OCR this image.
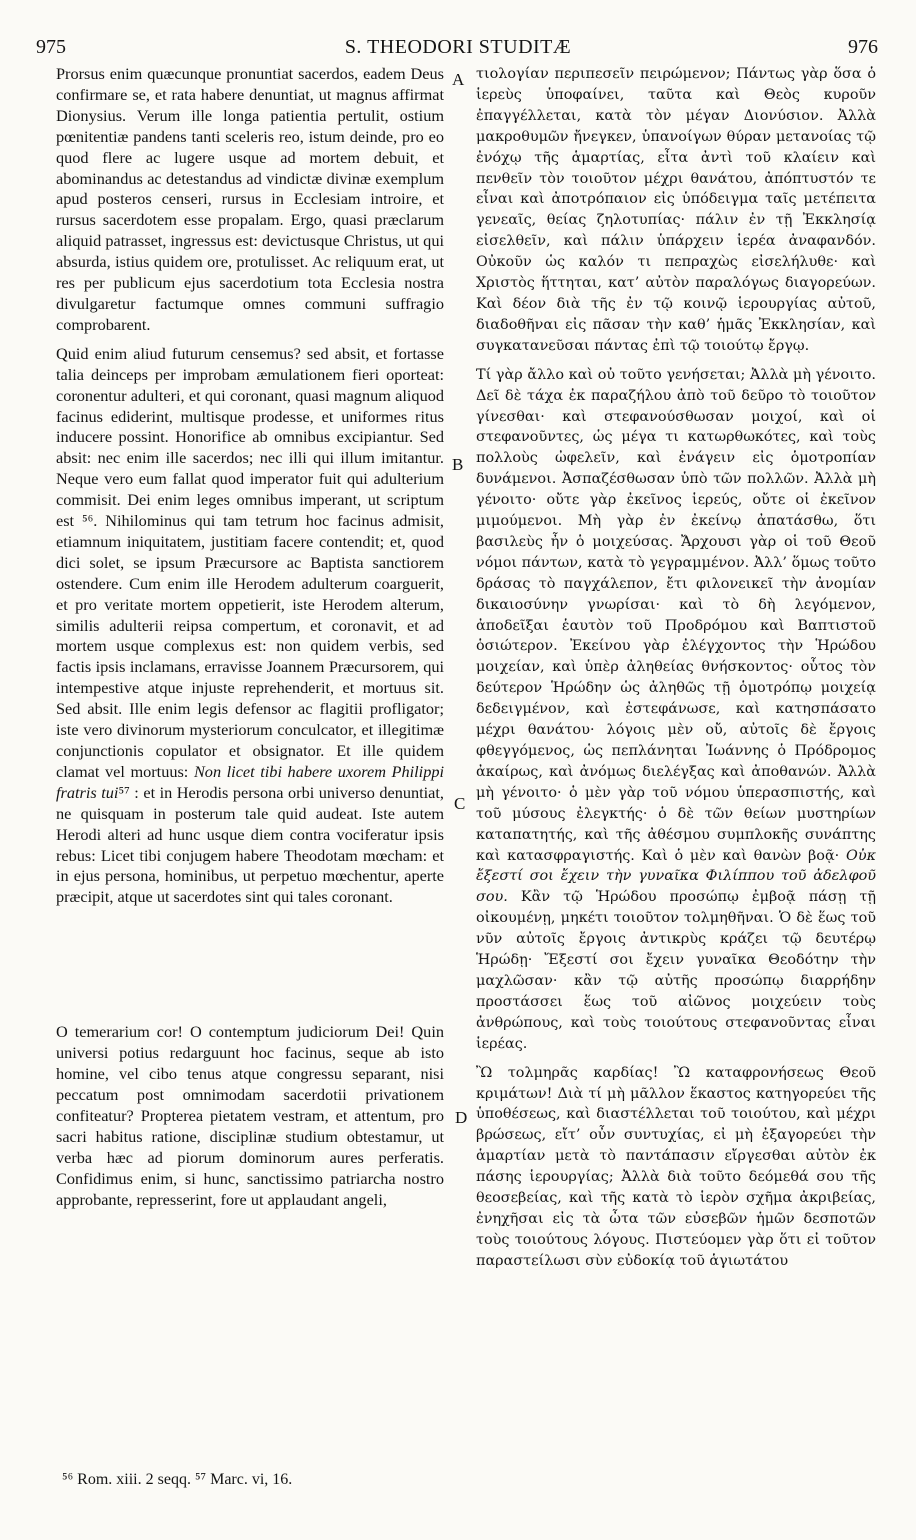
975	S. THEODORI STUDITÆ	976
A
B
C
D

Prorsus enim quæcunque pronuntiat sacerdos, eadem Deus confirmare se, et rata habere denuntiat, ut magnus affirmat Dionysius. Verum ille longa patientia pertulit, ostium pœnitentiæ pandens tanti sceleris reo, istum deinde, pro eo quod flere ac lugere usque ad mortem debuit, et abominandus ac detestandus ad vindictæ divinæ exemplum apud posteros censeri, rursus in Ecclesiam introire, et rursus sacerdotem esse propalam. Ergo, quasi præclarum aliquid patrasset, ingressus est: devictusque Christus, ut qui absurda, istius quidem ore, protulisset. Ac reliquum erat, ut res per publicum ejus sacerdotium tota Ecclesia nostra divulgaretur factumque omnes communi suffragio comprobarent.

Quid enim aliud futurum censemus? sed absit, et fortasse talia deinceps per improbam æmulationem fieri oporteat: coronentur adulteri, et qui coronant, quasi magnum aliquod facinus ediderint, multisque prodesse, et uniformes ritus inducere possint. Honorifice ab omnibus excipiantur. Sed absit: nec enim ille sacerdos; nec illi qui illum imitantur. Neque vero eum fallat quod imperator fuit qui adulterium commisit. Dei enim leges omnibus imperant, ut scriptum est ⁵⁶. Nihilominus qui tam tetrum hoc facinus admisit, etiamnum iniquitatem, justitiam facere contendit; et, quod dici solet, se ipsum Præcursore ac Baptista sanctiorem ostendere. Cum enim ille Herodem adulterum coarguerit, et pro veritate mortem oppetierit, iste Herodem alterum, similis adulterii reipsa compertum, et coronavit, et ad mortem usque complexus est: non quidem verbis, sed factis ipsis inclamans, erravisse Joannem Præcursorem, qui intempestive atque injuste reprehenderit, et mortuus sit. Sed absit. Ille enim legis defensor ac flagitii profligator; iste vero divinorum mysteriorum conculcator, et illegitimæ conjunctionis copulator et obsignator. Et ille quidem clamat vel mortuus: Non licet tibi habere uxorem Philippi fratris tui⁵⁷ : et in Herodis persona orbi universo denuntiat, ne quisquam in posterum tale quid audeat. Iste autem Herodi alteri ad hunc usque diem contra vociferatur ipsis rebus: Licet tibi conjugem habere Theodotam mœcham: et in ejus persona, hominibus, ut perpetuo mœchentur, aperte præcipit, atque ut sacerdotes sint qui tales coronant.

O temerarium cor! O contemptum judiciorum Dei! Quin universi potius redarguunt hoc facinus, seque ab isto homine, vel cibo tenus atque congressu separant, nisi peccatum post omnimodam sacerdotii privationem confiteatur? Propterea pietatem vestram, et attentum, pro sacri habitus ratione, disciplinæ studium obtestamur, ut verba hæc ad piorum dominorum aures perferatis. Confidimus enim, si hunc, sanctissimo patriarcha nostro approbante, represserint, fore ut applaudant angeli,

τιολογίαν περιπεσεῖν πειρώμενον; Πάντως γὰρ ὅσα ὁ ἱερεὺς ὑποφαίνει, ταῦτα καὶ Θεὸς κυροῦν ἐπαγγέλλεται, κατὰ τὸν μέγαν Διονύσιον. Ἀλλὰ μακροθυμῶν ἤνεγκεν, ὑπανοίγων θύραν μετανοίας τῷ ἐνόχῳ τῆς ἁμαρτίας, εἶτα ἀντὶ τοῦ κλαίειν καὶ πενθεῖν τὸν τοιοῦτον μέχρι θανάτου, ἀπόπτυστόν τε εἶναι καὶ ἀποτρόπαιον εἰς ὑπόδειγμα ταῖς μετέπειτα γενεαῖς, θείας ζηλοτυπίας· πάλιν ἐν τῇ Ἐκκλησίᾳ εἰσελθεῖν, καὶ πάλιν ὑπάρχειν ἱερέα ἀναφανδόν. Οὐκοῦν ὡς καλόν τι πεπραχὼς εἰσελήλυθε· καὶ Χριστὸς ἥττηται, κατ’ αὐτὸν παραλόγως διαγορεύων. Καὶ δέον διὰ τῆς ἐν τῷ κοινῷ ἱερουργίας αὐτοῦ, διαδοθῆναι εἰς πᾶσαν τὴν καθ’ ἡμᾶς Ἐκκλησίαν, καὶ συγκατανεῦσαι πάντας ἐπὶ τῷ τοιούτῳ ἔργῳ.

Τί γὰρ ἄλλο καὶ οὐ τοῦτο γενήσεται; Ἀλλὰ μὴ γένοιτο. Δεῖ δὲ τάχα ἐκ παραζήλου ἀπὸ τοῦ δεῦρο τὸ τοιοῦτον γίνεσθαι· καὶ στεφανούσθωσαν μοιχοί, καὶ οἱ στεφανοῦντες, ὡς μέγα τι κατωρθωκότες, καὶ τοὺς πολλοὺς ὠφελεῖν, καὶ ἐνάγειν εἰς ὁμοτροπίαν δυνάμενοι. Ἀσπαζέσθωσαν ὑπὸ τῶν πολλῶν. Ἀλλὰ μὴ γένοιτο· οὔτε γὰρ ἐκεῖνος ἱερεύς, οὔτε οἱ ἐκεῖνον μιμούμενοι. Μὴ γὰρ ἐν ἐκείνῳ ἀπατάσθω, ὅτι βασιλεὺς ἦν ὁ μοιχεύσας. Ἄρχουσι γὰρ οἱ τοῦ Θεοῦ νόμοι πάντων, κατὰ τὸ γεγραμμένον. Ἀλλ’ ὅμως τοῦτο δράσας τὸ παγχάλεπον, ἔτι φιλονεικεῖ τὴν ἀνομίαν δικαιοσύνην γνωρίσαι· καὶ τὸ δὴ λεγόμενον, ἀποδεῖξαι ἑαυτὸν τοῦ Προδρόμου καὶ Βαπτιστοῦ ὁσιώτερον. Ἐκείνου γὰρ ἐλέγχοντος τὴν Ἡρώδου μοιχείαν, καὶ ὑπὲρ ἀληθείας θνήσκοντος· οὗτος τὸν δεύτερον Ἡρώδην ὡς ἀληθῶς τῇ ὁμοτρόπῳ μοιχείᾳ δεδειγμένον, καὶ ἐστεφάνωσε, καὶ κατησπάσατο μέχρι θανάτου· λόγοις μὲν οὔ, αὐτοῖς δὲ ἔργοις φθεγγόμενος, ὡς πεπλάνηται Ἰωάννης ὁ Πρόδρομος ἀκαίρως, καὶ ἀνόμως διελέγξας καὶ ἀποθανών. Ἀλλὰ μὴ γένοιτο· ὁ μὲν γὰρ τοῦ νόμου ὑπερασπιστής, καὶ τοῦ μύσους ἐλεγκτής· ὁ δὲ τῶν θείων μυστηρίων καταπατητής, καὶ τῆς ἀθέσμου συμπλοκῆς συνάπτης καὶ κατασφραγιστής. Καὶ ὁ μὲν καὶ θανὼν βοᾷ· Οὐκ ἔξεστί σοι ἔχειν τὴν γυναῖκα Φιλίππου τοῦ ἀδελφοῦ σου. Κἂν τῷ Ἡρώδου προσώπῳ ἐμβοᾷ πάσῃ τῇ οἰκουμένῃ, μηκέτι τοιοῦτον τολμηθῆναι. Ὁ δὲ ἕως τοῦ νῦν αὐτοῖς ἔργοις ἀντικρὺς κράζει τῷ δευτέρῳ Ἡρώδῃ· Ἔξεστί σοι ἔχειν γυναῖκα Θεοδότην τὴν μαχλῶσαν· κἂν τῷ αὐτῆς προσώπῳ διαρρήδην προστάσσει ἕως τοῦ αἰῶνος μοιχεύειν τοὺς ἀνθρώπους, καὶ τοὺς τοιούτους στεφανοῦντας εἶναι ἱερέας.

Ὢ τολμηρᾶς καρδίας! Ὢ καταφρονήσεως Θεοῦ κριμάτων! Διὰ τί μὴ μᾶλλον ἕκαστος κατηγορεύει τῆς ὑποθέσεως, καὶ διαστέλλεται τοῦ τοιούτου, καὶ μέχρι βρώσεως, εἴτ’ οὖν συντυχίας, εἰ μὴ ἐξαγορεύει τὴν ἁμαρτίαν μετὰ τὸ παντάπασιν εἴργεσθαι αὐτὸν ἐκ πάσης ἱερουργίας; Ἀλλὰ διὰ τοῦτο δεόμεθά σου τῆς θεοσεβείας, καὶ τῆς κατὰ τὸ ἱερὸν σχῆμα ἀκριβείας, ἐνηχῆσαι εἰς τὰ ὦτα τῶν εὐσεβῶν ἡμῶν δεσποτῶν τοὺς τοιούτους λόγους. Πιστεύομεν γὰρ ὅτι εἰ τοῦτον παραστείλωσι σὺν εὐδοκίᾳ τοῦ ἁγιωτάτου

⁵⁶ Rom. xiii. 2 seqq. ⁵⁷ Marc. vi, 16.
